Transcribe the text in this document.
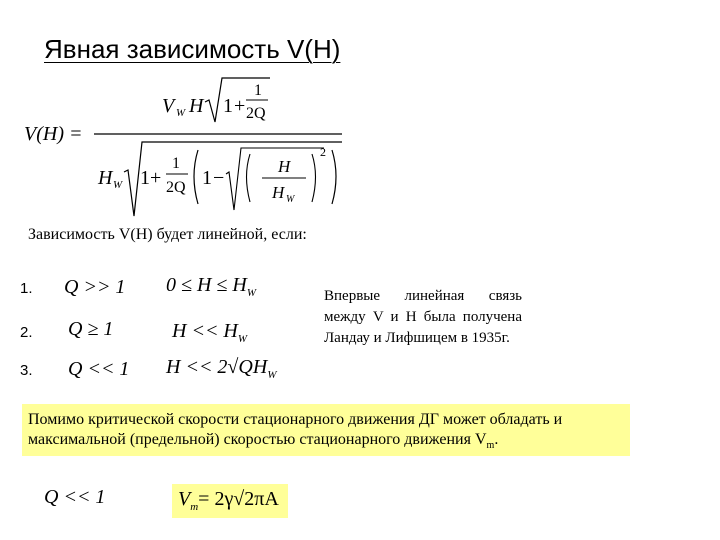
Явная зависимость V(H)
V(H) =
V W H 1 +
1
2Q
H W 1 +
1
2Q 1 −
H
H W
2
Зависимость V(H) будет линейной, если:
1. Q >> 1 $0 \le H \le H_W$
2. Q ≥ 1	$H << H_W$
3. Q << 1 $H << 2√QH_W$
Впервые линейная связь между V и H была получена Ландау и Лифшицем в 1935г.

Помимо критической скорости стационарного движения ДГ может обладать и максимальной (предельной) скоростью стационарного движения $V_m$.

Q << 1	$V_m= 2\gamma√2\pi A$
